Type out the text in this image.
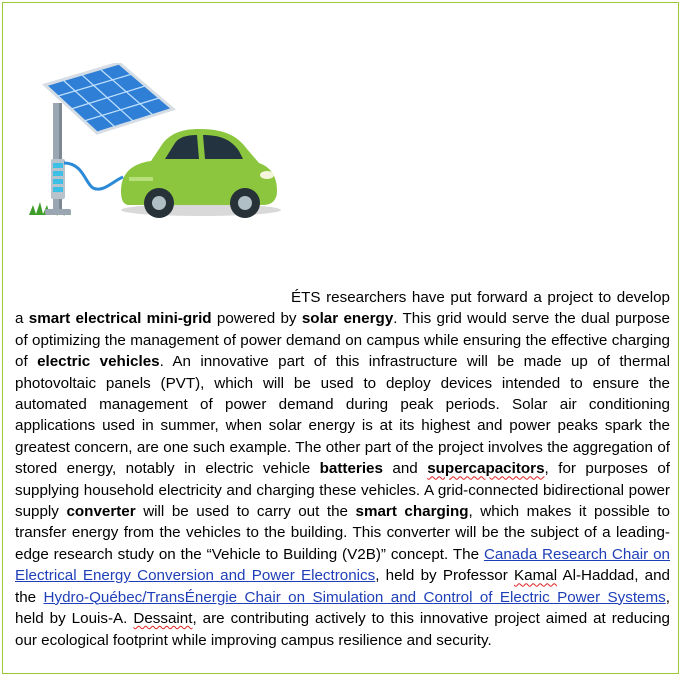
ÉTS researchers have put forward a project to develop a smart electrical mini-grid powered by solar energy. This grid would serve the dual purpose of optimizing the management of power demand on campus while ensuring the effective charging of electric vehicles. An innovative part of this infrastructure will be made up of thermal photovoltaic panels (PVT), which will be used to deploy devices intended to ensure the automated management of power demand during peak periods. Solar air conditioning applications used in summer, when solar energy is at its highest and power peaks spark the greatest concern, are one such example. The other part of the project involves the aggregation of stored energy, notably in electric vehicle batteries and supercapacitors, for purposes of supplying household electricity and charging these vehicles. A grid-connected bidirectional power supply converter will be used to carry out the smart charging, which makes it possible to transfer energy from the vehicles to the building. This converter will be the subject of a leading-edge research study on the “Vehicle to Building (V2B)” concept. The Canada Research Chair on Electrical Energy Conversion and Power Electronics, held by Professor Kamal Al-Haddad, and the Hydro-Québec/TransÉnergie Chair on Simulation and Control of Electric Power Systems, held by Louis-A. Dessaint, are contributing actively to this innovative project aimed at reducing our ecological footprint while improving campus resilience and security.
